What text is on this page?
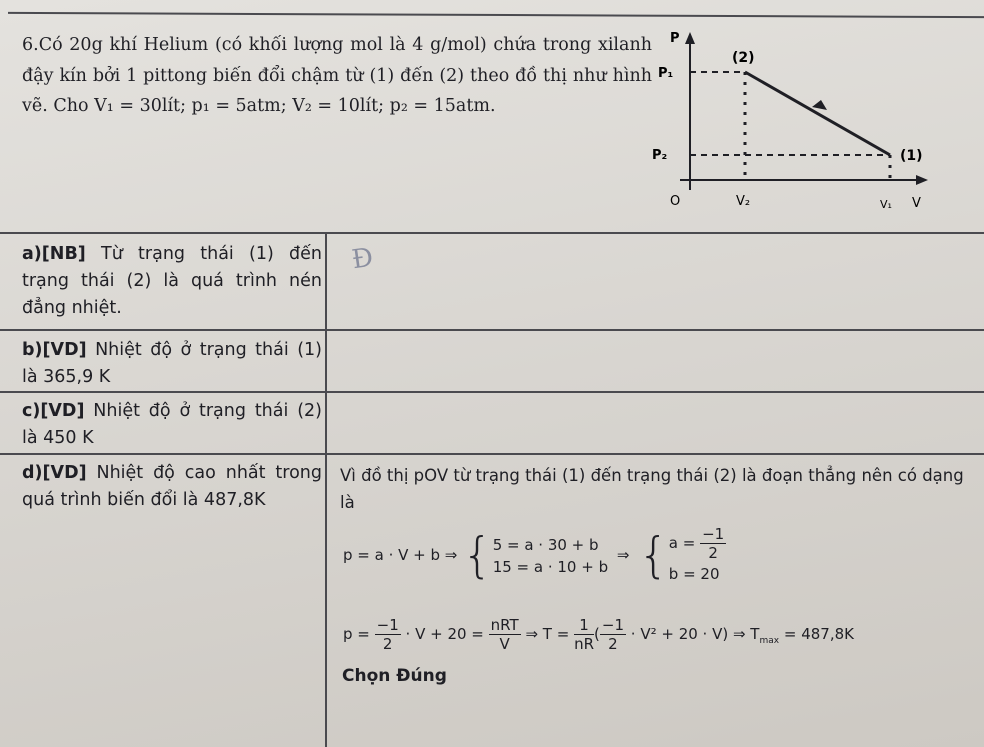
6.Có 20g khí Helium (có khối lượng mol là 4 g/mol) chứa trong xilanh đậy kín bởi 1 pittong biến đổi chậm từ (1) đến (2) theo đồ thị như hình vẽ. Cho V₁ = 30lít; p₁ = 5atm; V₂ = 10lít; p₂ = 15atm.

P
P₁
P₂
(2)
(1)
O	V₂	V₁ V
a)[NB] Từ trạng thái (1) đến trạng thái (2) là quá trình nén đẳng nhiệt.
Đ
b)[VD] Nhiệt độ ở trạng thái (1) là 365,9 K
c)[VD] Nhiệt độ ở trạng thái (2) là 450 K
d)[VD] Nhiệt độ cao nhất trong quá trình biến đổi là 487,8K
Vì đồ thị pOV từ trạng thái (1) đến trạng thái (2) là đoạn thẳng nên có dạng là
p = a · V + b ⇒ { 5 = a · 30 + b
15 = a · 10 + b
⇒ { $a = \frac{-1}{2}$
b = 20
$p = \frac{-1}{2} \cdot V + 20 = \frac{\text{nRT}}{V}$ ⇒ $T = \frac{1}{nR}$ ( $\frac{-1}{2} \cdot V^2 + 20 \cdot V$) ⇒ $T_{max} = 487,8K$
Chọn Đúng
